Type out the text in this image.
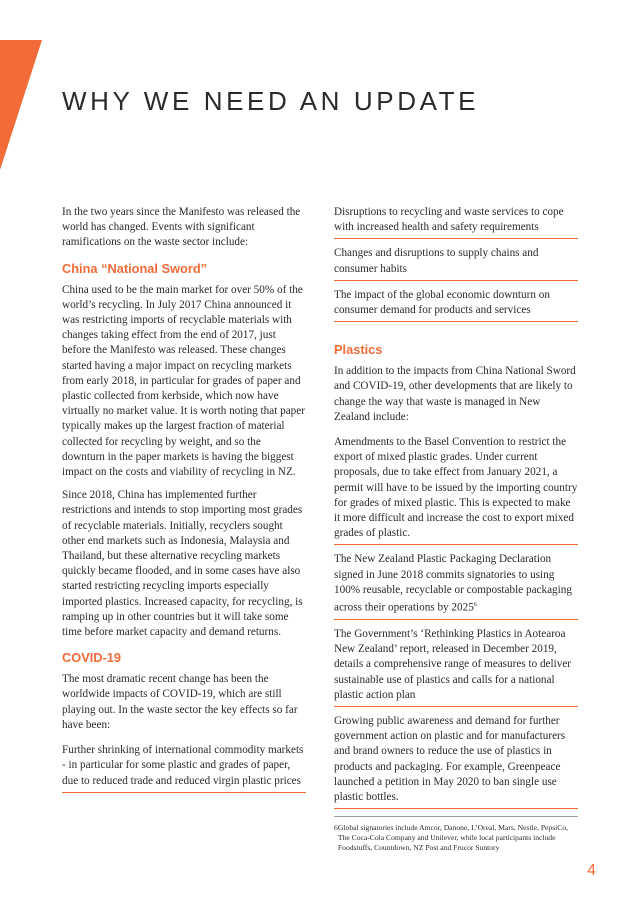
WHY WE NEED AN UPDATE

In the two years since the Manifesto was released the world has changed. Events with significant ramifications on the waste sector include:

China “National Sword”

China used to be the main market for over 50% of the world’s recycling. In July 2017 China announced it was restricting imports of recyclable materials with changes taking effect from the end of 2017, just before the Manifesto was released. These changes started having a major impact on recycling markets from early 2018, in particular for grades of paper and plastic collected from kerbside, which now have virtually no market value. It is worth noting that paper typically makes up the largest fraction of material collected for recycling by weight, and so the downturn in the paper markets is having the biggest impact on the costs and viability of recycling in NZ.

Since 2018, China has implemented further restrictions and intends to stop importing most grades of recyclable materials. Initially, recyclers sought other end markets such as Indonesia, Malaysia and Thailand, but these alternative recycling markets quickly became flooded, and in some cases have also started restricting recycling imports especially imported plastics. Increased capacity, for recycling, is ramping up in other countries but it will take some time before market capacity and demand returns.

COVID-19

The most dramatic recent change has been the worldwide impacts of COVID-19, which are still playing out. In the waste sector the key effects so far have been:

Further shrinking of international commodity markets - in particular for some plastic and grades of paper, due to reduced trade and reduced virgin plastic prices

Disruptions to recycling and waste services to cope with increased health and safety requirements

Changes and disruptions to supply chains and consumer habits

The impact of the global economic downturn on consumer demand for products and services

Plastics

In addition to the impacts from China National Sword and COVID-19, other developments that are likely to change the way that waste is managed in New Zealand include:

Amendments to the Basel Convention to restrict the export of mixed plastic grades. Under current proposals, due to take effect from January 2021, a permit will have to be issued by the importing country for grades of mixed plastic. This is expected to make it more difficult and increase the cost to export mixed grades of plastic.

The New Zealand Plastic Packaging Declaration signed in June 2018 commits signatories to using 100% reusable, recyclable or compostable packaging across their operations by 2025$^6$

The Government’s ‘Rethinking Plastics in Aotearoa New Zealand’ report, released in December 2019, details a comprehensive range of measures to deliver sustainable use of plastics and calls for a national plastic action plan

Growing public awareness and demand for further government action on plastic and for manufacturers and brand owners to reduce the use of plastics in products and packaging. For example, Greenpeace launched a petition in May 2020 to ban single use plastic bottles.

6 Global signatories include Amcor, Danone, L’Oreal, Mars, Nestle, PepsiCo, The Coca-Cola Company and Unilever, while local participants include Foodstuffs, Countdown, NZ Post and Frucor Suntory

4
